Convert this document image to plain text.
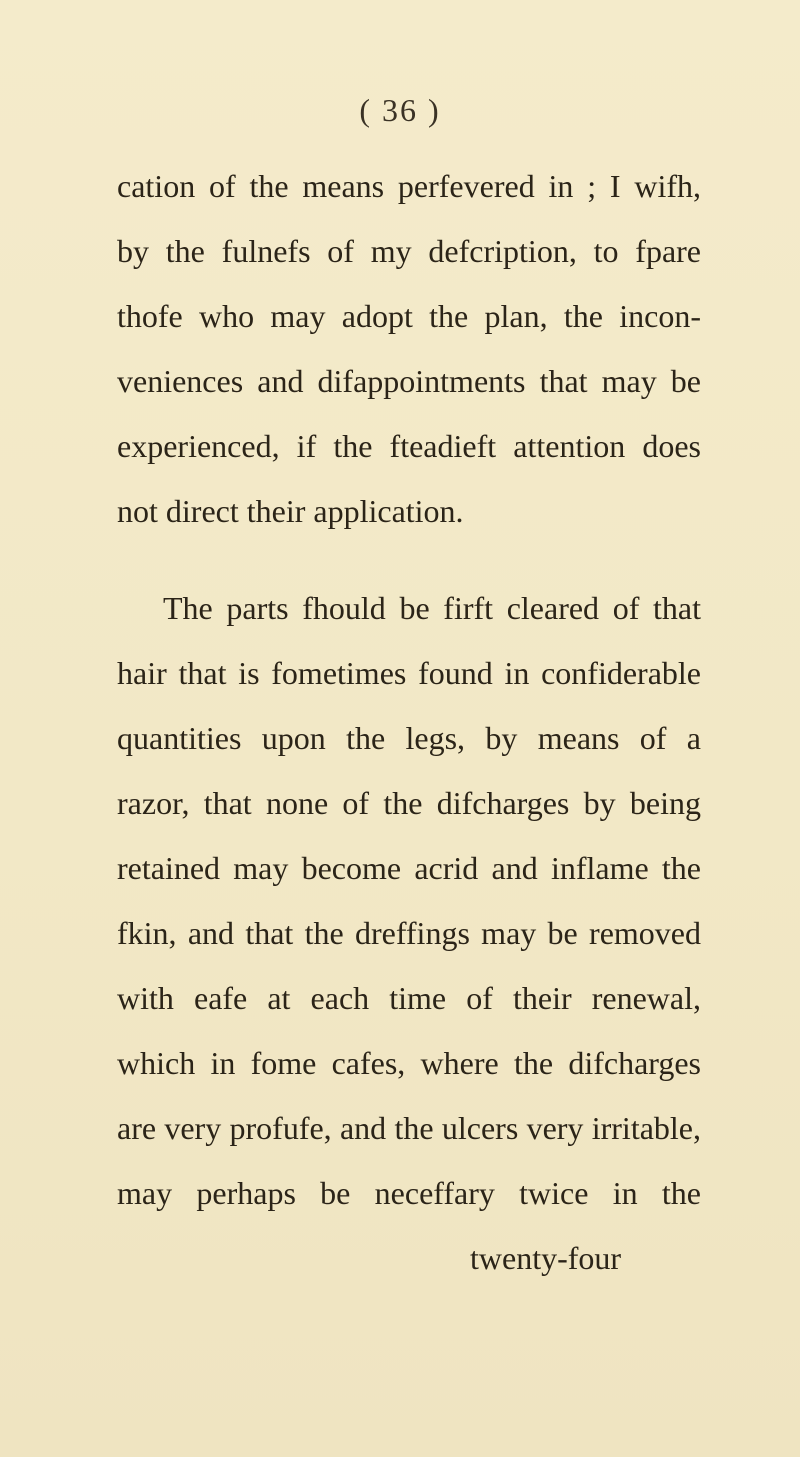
( 36 )
cation of the means perfevered in ; I wifh,
by the fulnefs of my defcription, to fpare
thofe who may adopt the plan, the incon-
veniences and difappointments that may be
experienced, if the fteadieft attention does
not direct their application.
The parts fhould be firft cleared of that
hair that is fometimes found in confiderable
quantities upon the legs, by means of a
razor, that none of the difcharges by being
retained may become acrid and inflame the
fkin, and that the dreffings may be removed
with eafe at each time of their renewal,
which in fome cafes, where the difcharges
are very profufe, and the ulcers very irritable,
may perhaps be neceffary twice in the
twenty-four
